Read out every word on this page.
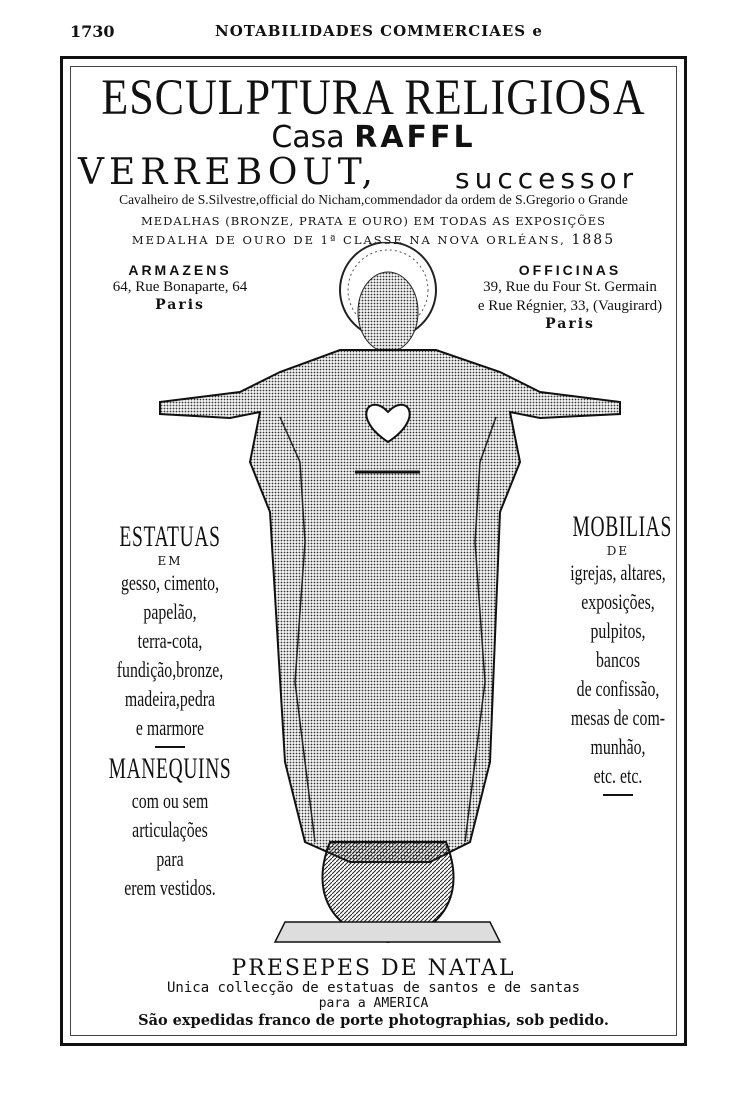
1730	NOTABILIDADES COMMERCIAES e
ESCULPTURA RELIGIOSA
Casa RAFFL
VERREBOUT,	successor
Cavalheiro de S.Silvestre,official do Nicham,commendador da ordem de S.Gregorio o Grande
MEDALHAS (BRONZE, PRATA E OURO) EM TODAS AS EXPOSIÇÕES
MEDALHA DE OURO DE 1ª CLASSE NA NOVA ORLÉANS, 1885
ARMAZENS
64, Rue Bonaparte, 64
Paris
OFFICINAS
39, Rue du Four St. Germain
e Rue Régnier, 33, (Vaugirard)
Paris
ESTATUAS
EM
gesso, cimento,
papelão,
terra-cota,
fundição,bronze,
madeira,pedra
e marmore
MANEQUINS
com ou sem
articulações
para
erem vestidos.
MOBILIAS
DE
igrejas, altares,
exposições,
pulpitos, bancos
de confissão,
mesas de com-
munhão,
etc. etc.
PRESEPES DE NATAL
Unica collecção de estatuas de santos e de santas
para a AMERICA
São expedidas franco de porte photographias, sob pedido.
